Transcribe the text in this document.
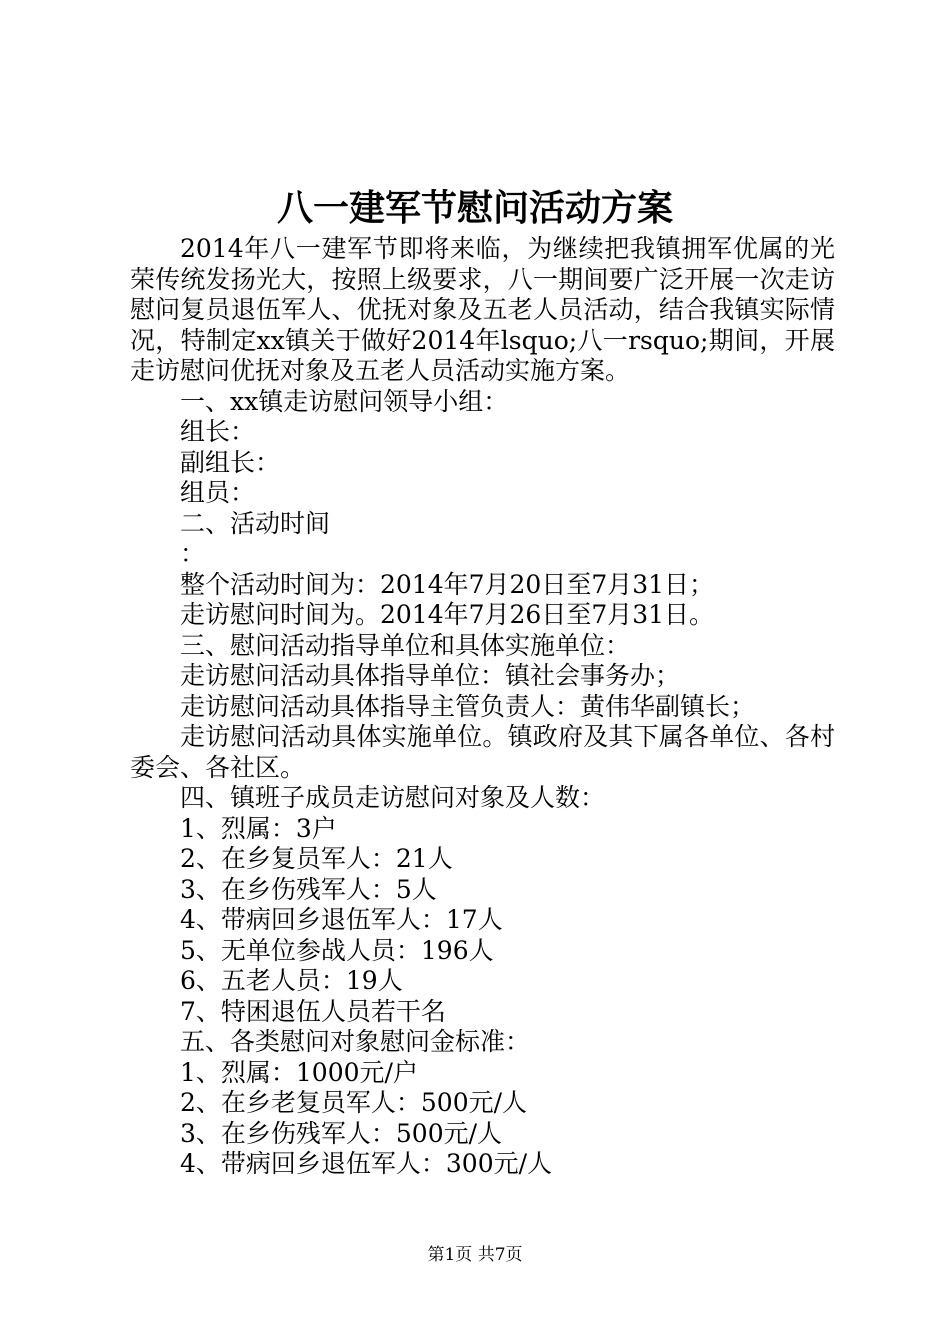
八一建军节慰问活动方案

2014年八一建军节即将来临，为继续把我镇拥军优属的光荣传统发扬光大，按照上级要求，八一期间要广泛开展一次走访慰问复员退伍军人、优抚对象及五老人员活动，结合我镇实际情况，特制定xx镇关于做好2014年lsquo;八一rsquo;期间，开展走访慰问优抚对象及五老人员活动实施方案。

一、xx镇走访慰问领导小组：

组长：

副组长：

组员：

二、活动时间

：

整个活动时间为：2014年7月20日至7月31日；

走访慰问时间为。2014年7月26日至7月31日。

三、慰问活动指导单位和具体实施单位：

走访慰问活动具体指导单位：镇社会事务办；

走访慰问活动具体指导主管负责人：黄伟华副镇长；

走访慰问活动具体实施单位。镇政府及其下属各单位、各村委会、各社区。

四、镇班子成员走访慰问对象及人数：

1、烈属：3户

2、在乡复员军人：21人

3、在乡伤残军人：5人

4、带病回乡退伍军人：17人

5、无单位参战人员：196人

6、五老人员：19人

7、特困退伍人员若干名

五、各类慰问对象慰问金标准：

1、烈属：1000元/户

2、在乡老复员军人：500元/人

3、在乡伤残军人：500元/人

4、带病回乡退伍军人：300元/人

第1页 共7页
